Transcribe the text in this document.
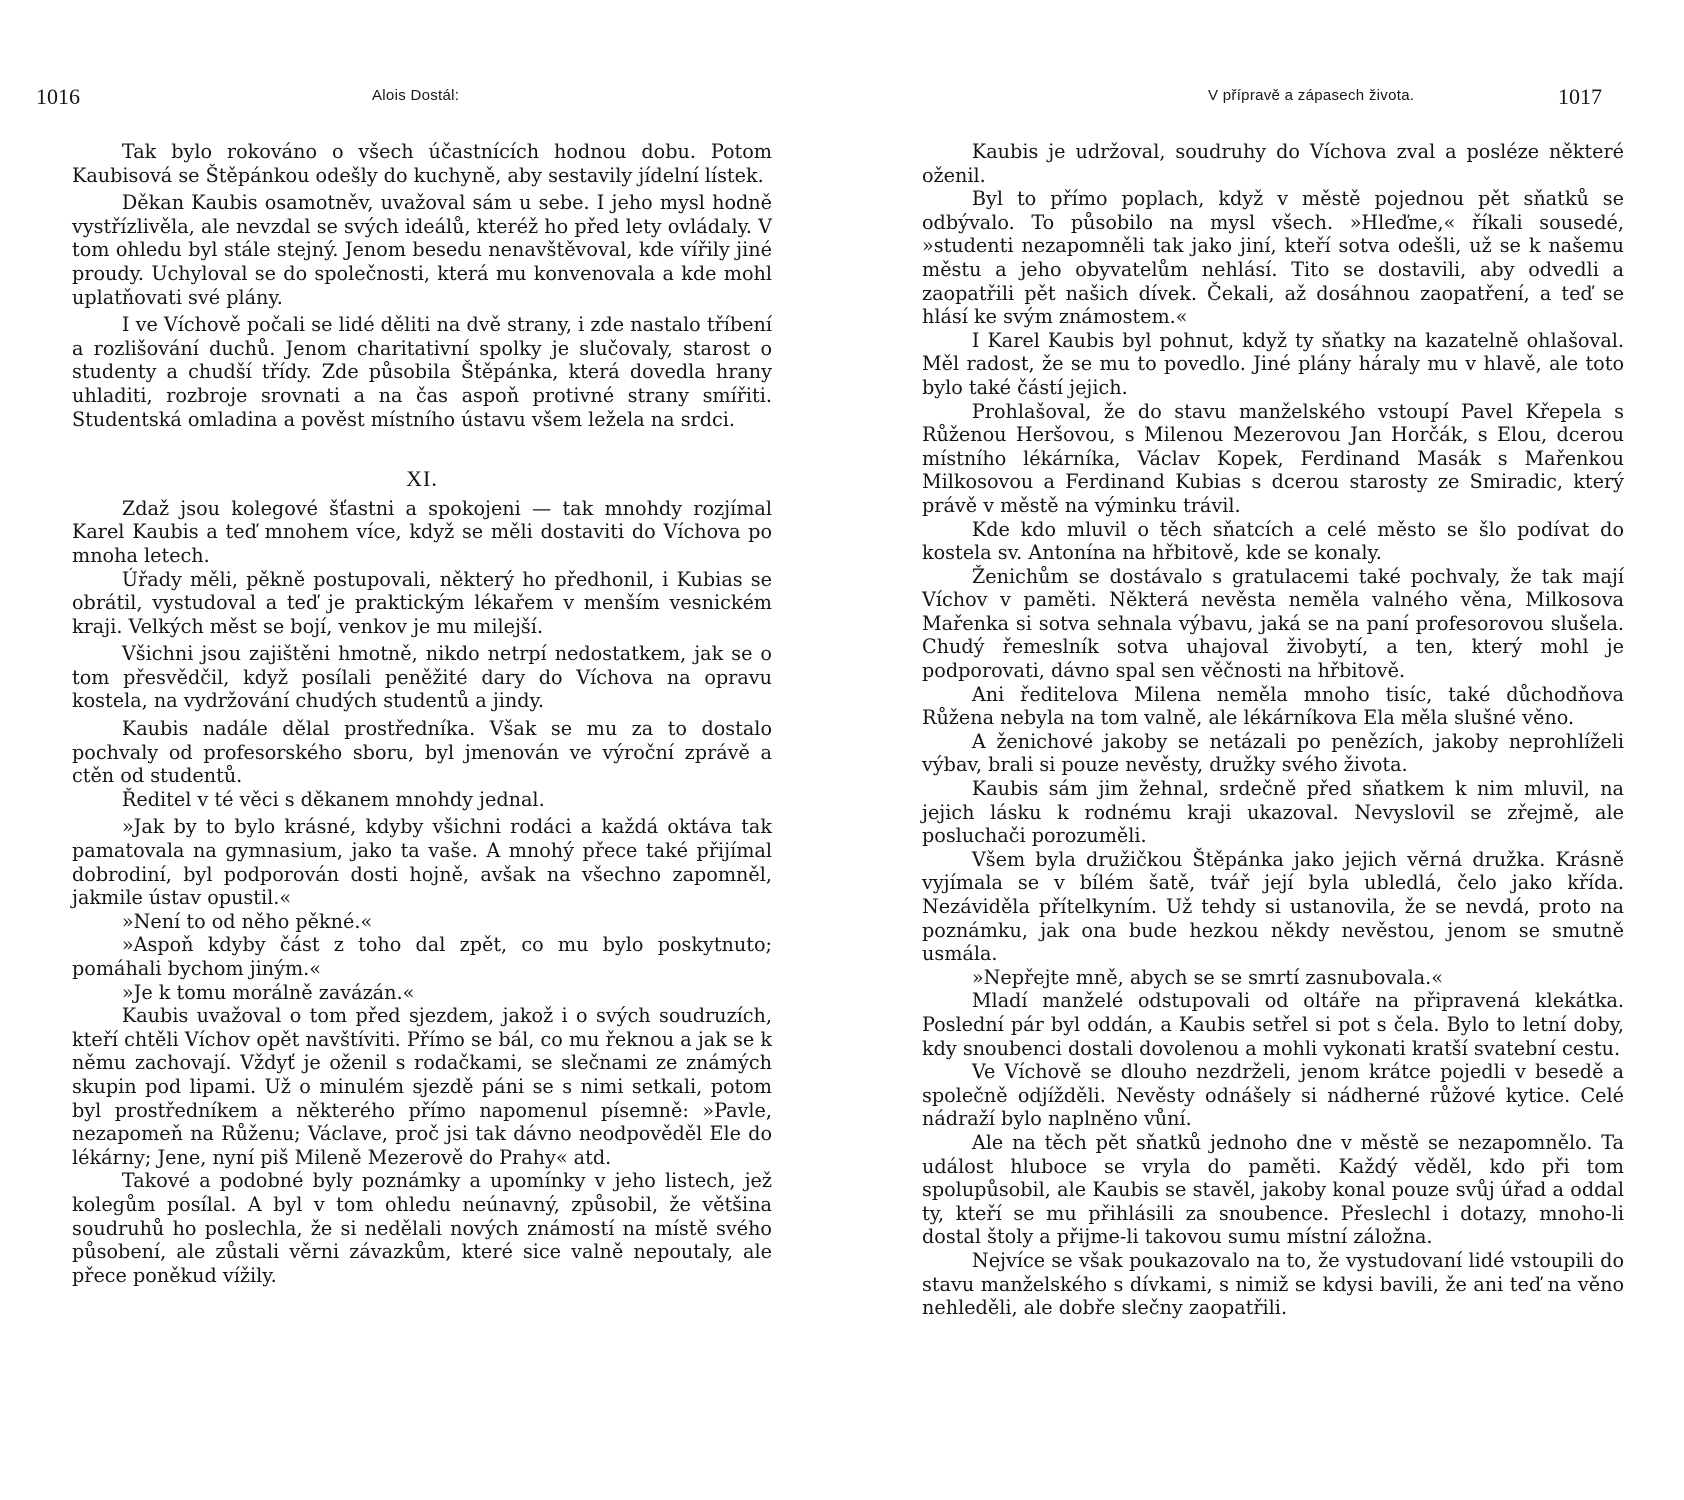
1016	Alois Dostál:

Tak bylo rokováno o všech účastnících hodnou dobu. Potom Kaubisová se Štěpánkou odešly do kuchyně, aby sestavily jídelní lístek.

Děkan Kaubis osamotněv, uvažoval sám u sebe. I jeho mysl hodně vystřízlivěla, ale nevzdal se svých ideálů, kteréž ho před lety ovládaly. V tom ohledu byl stále stejný. Jenom besedu nenavštěvoval, kde vířily jiné proudy. Uchyloval se do společnosti, která mu konvenovala a kde mohl uplatňovati své plány.

I ve Víchově počali se lidé děliti na dvě strany, i zde nastalo tříbení a rozlišování duchů. Jenom charitativní spolky je slučovaly, starost o studenty a chudší třídy. Zde působila Štěpánka, která dovedla hrany uhladiti, rozbroje srovnati a na čas aspoň protivné strany smířiti. Studentská omladina a pověst místního ústavu všem ležela na srdci.

XI.

Zdaž jsou kolegové šťastni a spokojeni — tak mnohdy rozjímal Karel Kaubis a teď mnohem více, když se měli dostaviti do Víchova po mnoha letech.

Úřady měli, pěkně postupovali, některý ho předhonil, i Kubias se obrátil, vystudoval a teď je praktickým lékařem v menším vesnickém kraji. Velkých měst se bojí, venkov je mu milejší.

Všichni jsou zajištěni hmotně, nikdo netrpí nedostatkem, jak se o tom přesvědčil, když posílali peněžité dary do Víchova na opravu kostela, na vydržování chudých studentů a jindy.

Kaubis nadále dělal prostředníka. Však se mu za to dostalo pochvaly od profesorského sboru, byl jmenován ve výroční zprávě a ctěn od studentů.

Ředitel v té věci s děkanem mnohdy jednal.

»Jak by to bylo krásné, kdyby všichni rodáci a každá oktáva tak pamatovala na gymnasium, jako ta vaše. A mnohý přece také přijímal dobrodiní, byl podporován dosti hojně, avšak na všechno zapomněl, jakmile ústav opustil.«

»Není to od něho pěkné.«

»Aspoň kdyby část z toho dal zpět, co mu bylo poskytnuto; pomáhali bychom jiným.«

»Je k tomu morálně zavázán.«

Kaubis uvažoval o tom před sjezdem, jakož i o svých soudruzích, kteří chtěli Víchov opět navštíviti. Přímo se bál, co mu řeknou a jak se k němu zachovají. Vždyť je oženil s rodačkami, se slečnami ze známých skupin pod lipami. Už o minulém sjezdě páni se s nimi setkali, potom byl prostředníkem a některého přímo napomenul písemně: »Pavle, nezapomeň na Růženu; Václave, proč jsi tak dávno neodpověděl Ele do lékárny; Jene, nyní piš Mileně Mezerově do Prahy« atd.

Takové a podobné byly poznámky a upomínky v jeho listech, jež kolegům posílal. A byl v tom ohledu neúnavný, způsobil, že většina soudruhů ho poslechla, že si nedělali nových známostí na místě svého působení, ale zůstali věrni závazkům, které sice valně nepoutaly, ale přece poněkud vížily.

V přípravě a zápasech života.	1017

Kaubis je udržoval, soudruhy do Víchova zval a posléze některé oženil.

Byl to přímo poplach, když v městě pojednou pět sňatků se odbývalo. To působilo na mysl všech. »Hleďme,« říkali sousedé, »studenti nezapomněli tak jako jiní, kteří sotva odešli, už se k našemu městu a jeho obyvatelům nehlásí. Tito se dostavili, aby odvedli a zaopatřili pět našich dívek. Čekali, až dosáhnou zaopatření, a teď se hlásí ke svým známostem.«

I Karel Kaubis byl pohnut, když ty sňatky na kazatelně ohlašoval. Měl radost, že se mu to povedlo. Jiné plány háraly mu v hlavě, ale toto bylo také částí jejich.

Prohlašoval, že do stavu manželského vstoupí Pavel Křepela s Růženou Heršovou, s Milenou Mezerovou Jan Horčák, s Elou, dcerou místního lékárníka, Václav Kopek, Ferdinand Masák s Mařenkou Milkosovou a Ferdinand Kubias s dcerou starosty ze Smiradic, který právě v městě na výminku trávil.

Kde kdo mluvil o těch sňatcích a celé město se šlo podívat do kostela sv. Antonína na hřbitově, kde se konaly.

Ženichům se dostávalo s gratulacemi také pochvaly, že tak mají Víchov v paměti. Některá nevěsta neměla valného věna, Milkosova Mařenka si sotva sehnala výbavu, jaká se na paní profesorovou slušela. Chudý řemeslník sotva uhajoval živobytí, a ten, který mohl je podporovati, dávno spal sen věčnosti na hřbitově.

Ani ředitelova Milena neměla mnoho tisíc, také důchodňova Růžena nebyla na tom valně, ale lékárníkova Ela měla slušné věno.

A ženichové jakoby se netázali po penězích, jakoby neprohlíželi výbav, brali si pouze nevěsty, družky svého života.

Kaubis sám jim žehnal, srdečně před sňatkem k nim mluvil, na jejich lásku k rodnému kraji ukazoval. Nevyslovil se zřejmě, ale posluchači porozuměli.

Všem byla družičkou Štěpánka jako jejich věrná družka. Krásně vyjímala se v bílém šatě, tvář její byla ubledlá, čelo jako křída. Nezáviděla přítelkyním. Už tehdy si ustanovila, že se nevdá, proto na poznámku, jak ona bude hezkou někdy nevěstou, jenom se smutně usmála.

»Nepřejte mně, abych se se smrtí zasnubovala.«

Mladí manželé odstupovali od oltáře na připravená klekátka. Poslední pár byl oddán, a Kaubis setřel si pot s čela. Bylo to letní doby, kdy snoubenci dostali dovolenou a mohli vykonati kratší svatební cestu.

Ve Víchově se dlouho nezdrželi, jenom krátce pojedli v besedě a společně odjížděli. Nevěsty odnášely si nádherné růžové kytice. Celé nádraží bylo naplněno vůní.

Ale na těch pět sňatků jednoho dne v městě se nezapomnělo. Ta událost hluboce se vryla do paměti. Každý věděl, kdo při tom spolupůsobil, ale Kaubis se stavěl, jakoby konal pouze svůj úřad a oddal ty, kteří se mu přihlásili za snoubence. Přeslechl i dotazy, mnoho-li dostal štoly a přijme-li takovou sumu místní záložna.

Nejvíce se však poukazovalo na to, že vystudovaní lidé vstoupili do stavu manželského s dívkami, s nimiž se kdysi bavili, že ani teď na věno nehleděli, ale dobře slečny zaopatřili.
